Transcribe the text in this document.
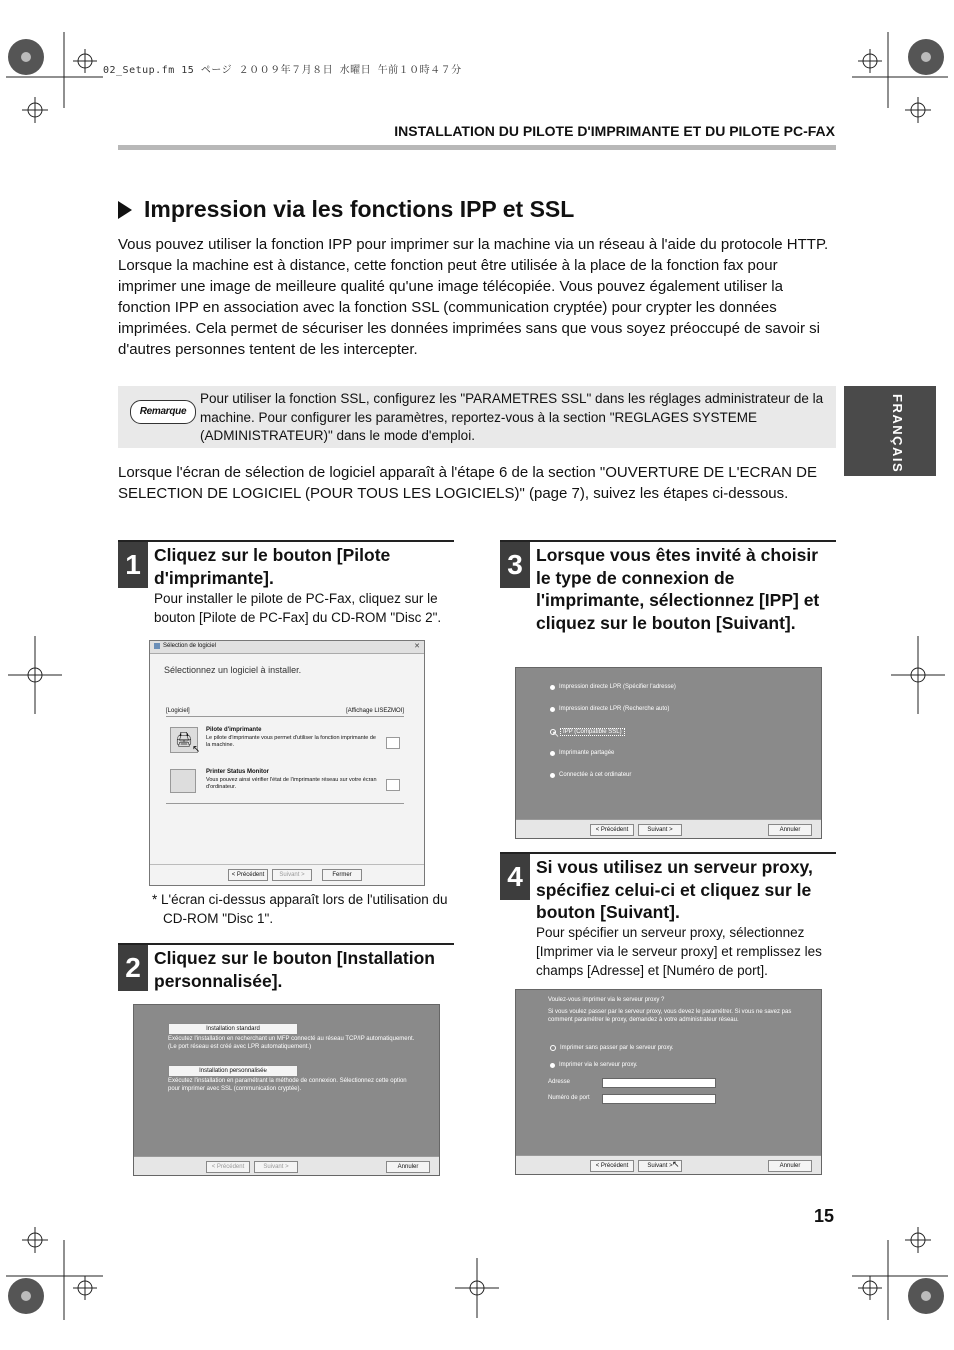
02_Setup.fm 15 ページ ２００９年７月８日 水曜日 午前１０時４７分
INSTALLATION DU PILOTE D'IMPRIMANTE ET DU PILOTE PC-FAX
Impression via les fonctions IPP et SSL

Vous pouvez utiliser la fonction IPP pour imprimer sur la machine via un réseau à l'aide du protocole HTTP.

Lorsque la machine est à distance, cette fonction peut être utilisée à la place de la fonction fax pour imprimer une image de meilleure qualité qu'une image télécopiée. Vous pouvez également utiliser la fonction IPP en association avec la fonction SSL (communication cryptée) pour crypter les données imprimées. Cela permet de sécuriser les données imprimées sans que vous soyez préoccupé de savoir si d'autres personnes tentent de les intercepter.

Remarque
Pour utiliser la fonction SSL, configurez les "PARAMETRES SSL" dans les réglages administrateur de la machine. Pour configurer les paramètres, reportez-vous à la section "REGLAGES SYSTEME (ADMINISTRATEUR)" dans le mode d'emploi.	FRANÇAIS
Lorsque l'écran de sélection de logiciel apparaît à l'étape 6 de la section "OUVERTURE DE L'ECRAN DE SELECTION DE LOGICIEL (POUR TOUS LES LOGICIELS)" (page 7), suivez les étapes ci-dessous.
1 Cliquez sur le bouton [Pilote d'imprimante].
Pour installer le pilote de PC-Fax, cliquez sur le bouton [Pilote de PC-Fax] du CD-ROM "Disc 2".
Sélection de logiciel	✕
Sélectionnez un logiciel à installer.
[Logiciel]	[Affichage LISEZMOI]
🖨
↖
Pilote d'imprimante
Le pilote d'imprimante vous permet d'utiliser la fonction imprimante de la machine.
Printer Status Monitor
Vous pouvez ainsi vérifier l'état de l'imprimante réseau sur votre écran d'ordinateur.
< Précédent	Suivant >	Fermer
* L'écran ci-dessus apparaît lors de l'utilisation du CD-ROM "Disc 1".
2 Cliquez sur le bouton [Installation personnalisée].
Installation standard
Exécutez l'installation en recherchant un MFP connecté au réseau TCP/IP automatiquement. (Le port réseau est créé avec LPR automatiquement.)
Installation personnalisée
↖
Exécutez l'installation en paramétrant la méthode de connexion. Sélectionnez cette option pour imprimer avec SSL (communication cryptée).
< Précédent	Suivant >	Annuler
3 Lorsque vous êtes invité à choisir le type de connexion de l'imprimante, sélectionnez [IPP] et cliquez sur le bouton [Suivant].
Impression directe LPR (Spécifier l'adresse)
Impression directe LPR (Recherche auto)
IPP (Compatible SSL)
↖
Imprimante partagée
Connectée à cet ordinateur
< Précédent	Suivant >	Annuler
4 Si vous utilisez un serveur proxy, spécifiez celui-ci et cliquez sur le bouton [Suivant].
Pour spécifier un serveur proxy, sélectionnez [Imprimer via le serveur proxy] et remplissez les champs [Adresse] et [Numéro de port].
Voulez-vous imprimer via le serveur proxy ?
Si vous voulez passer par le serveur proxy, vous devez le paramétrer. Si vous ne savez pas comment paramétrer le proxy, demandez à votre administrateur réseau.
Imprimer sans passer par le serveur proxy.
Imprimer via le serveur proxy.
Adresse
Numéro de port
< Précédent	Suivant > ↖	Annuler
15
